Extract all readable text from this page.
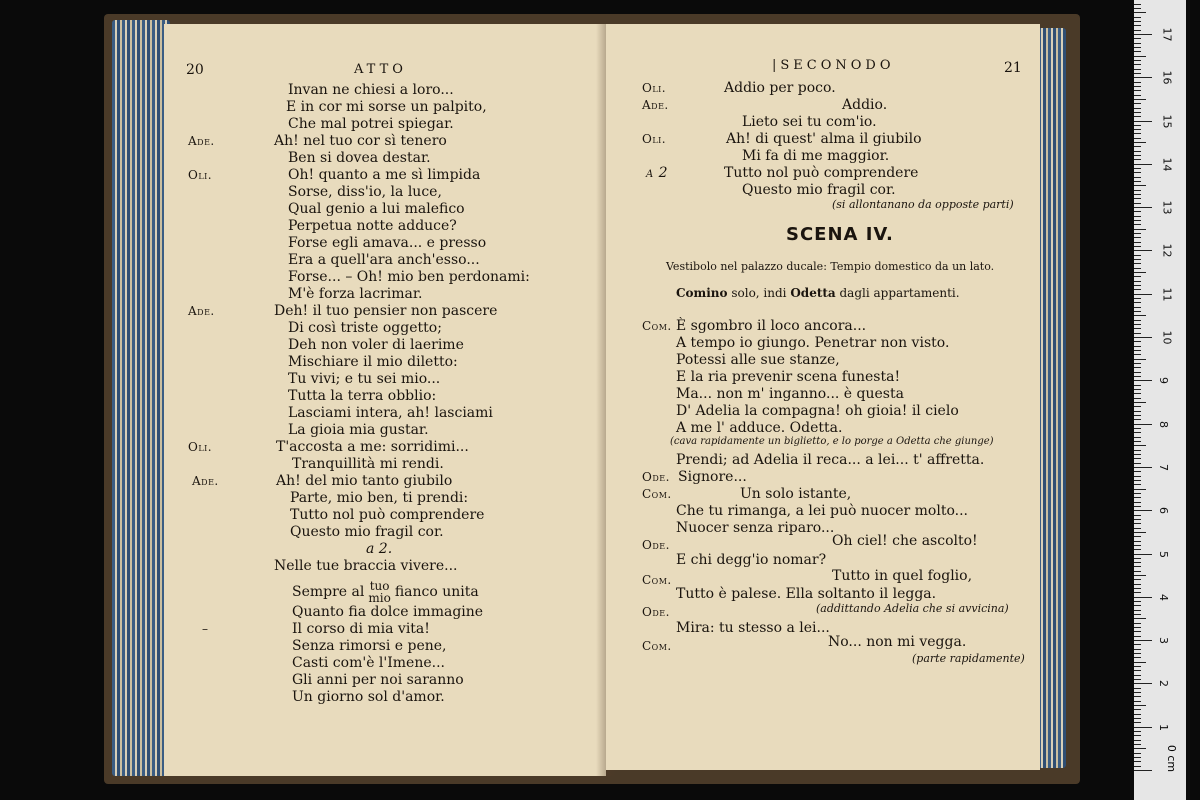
20	ATTO
Invan ne chiesi a loro...
E in cor mi sorse un palpito,
Che mal potrei spiegar.
Ade.	Ah! nel tuo cor sì tenero
Ben si dovea destar.
Oli.	Oh! quanto a me sì limpida
Sorse, diss'io, la luce,
Qual genio a lui malefico
Perpetua notte adduce?
Forse egli amava... e presso
Era a quell'ara anch'esso...
Forse... – Oh! mio ben perdonami:
M'è forza lacrimar.
Ade.	Deh! il tuo pensier non pascere
Di così triste oggetto;
Deh non voler di laerime
Mischiare il mio diletto:
Tu vivi; e tu sei mio...
Tutta la terra obblio:
Lasciami intera, ah! lasciami
La gioia mia gustar.
Oli.	T'accosta a me: sorridimi...
Tranquillità mi rendi.
Ade.	Ah! del mio tanto giubilo
Parte, mio ben, ti prendi:
Tutto nol può comprendere
Questo mio fragil cor.
a 2.
Nelle tue braccia vivere...
Sempre al tuo
mio fianco unita
Quanto fia dolce immagine
–	Il corso di mia vita!
Senza rimorsi e pene,
Casti com'è l'Imene...
Gli anni per noi saranno
Un giorno sol d'amor.
|SECONODO	21
Oli.	Addio per poco.
Ade.	Addio.
Lieto sei tu com'io.
Oli.	Ah! di quest' alma il giubilo
Mi fa di me maggior.
a 2	Tutto nol può comprendere
Questo mio fragil cor.
(si allontanano da opposte parti)
SCENA IV.
Vestibolo nel palazzo ducale: Tempio domestico da un lato.
Comino solo, indi Odetta dagli appartamenti.
Com. È sgombro il loco ancora...
A tempo io giungo. Penetrar non visto.
Potessi alle sue stanze,
E la ria prevenir scena funesta!
Ma... non m' inganno... è questa
D' Adelia la compagna! oh gioia! il cielo
A me l' adduce. Odetta.
(cava rapidamente un biglietto, e lo porge a Odetta che giunge)
Prendi; ad Adelia il reca... a lei... t' affretta.
Ode. Signore...
Com.	Un solo istante,
Che tu rimanga, a lei può nuocer molto...
Nuocer senza riparo...
Ode.	Oh ciel! che ascolto!
E chi degg'io nomar?
Com.	Tutto in quel foglio,
Tutto è palese. Ella soltanto il legga.
Ode.	(addittando Adelia che si avvicina)
Mira: tu stesso a lei...
Com.	No... non mi vegga.
(parte rapidamente)
0 cm
1
2
3
4
5
6
7
8
9
10
11
12
13
14
15
16
17
